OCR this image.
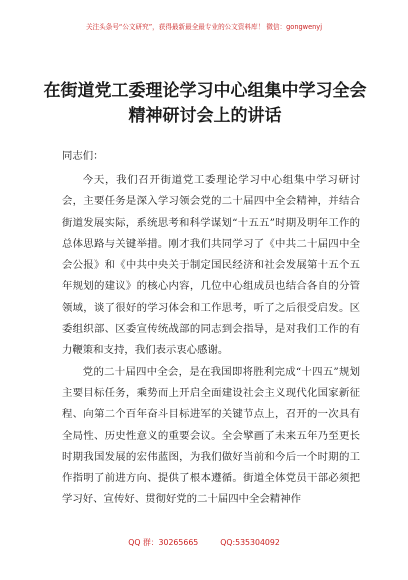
关注头条号“公文研究”，获得最新最全最专业的公文资料库！ 微信：gongwenyj
在街道党工委理论学习中心组集中学习全会精神研讨会上的讲话
同志们：

今天，我们召开街道党工委理论学习中心组集中学习研讨会，主要任务是深入学习领会党的二十届四中全会精神，并结合街道发展实际，系统思考和科学谋划“十五五”时期及明年工作的总体思路与关键举措。刚才我们共同学习了《中共二十届四中全会公报》和《中共中央关于制定国民经济和社会发展第十五个五年规划的建议》的核心内容，几位中心组成员也结合各自的分管领域，谈了很好的学习体会和工作思考，听了之后很受启发。区委组织部、区委宣传统战部的同志到会指导，是对我们工作的有力鞭策和支持，我们表示衷心感谢。

党的二十届四中全会，是在我国即将胜利完成“十四五”规划主要目标任务，乘势而上开启全面建设社会主义现代化国家新征程、向第二个百年奋斗目标进军的关键节点上，召开的一次具有全局性、历史性意义的重要会议。全会擘画了未来五年乃至更长时期我国发展的宏伟蓝图，为我们做好当前和今后一个时期的工作指明了前进方向、提供了根本遵循。街道全体党员干部必须把学习好、宣传好、贯彻好党的二十届四中全会精神作

QQ 群：30265665	QQ:535304092
